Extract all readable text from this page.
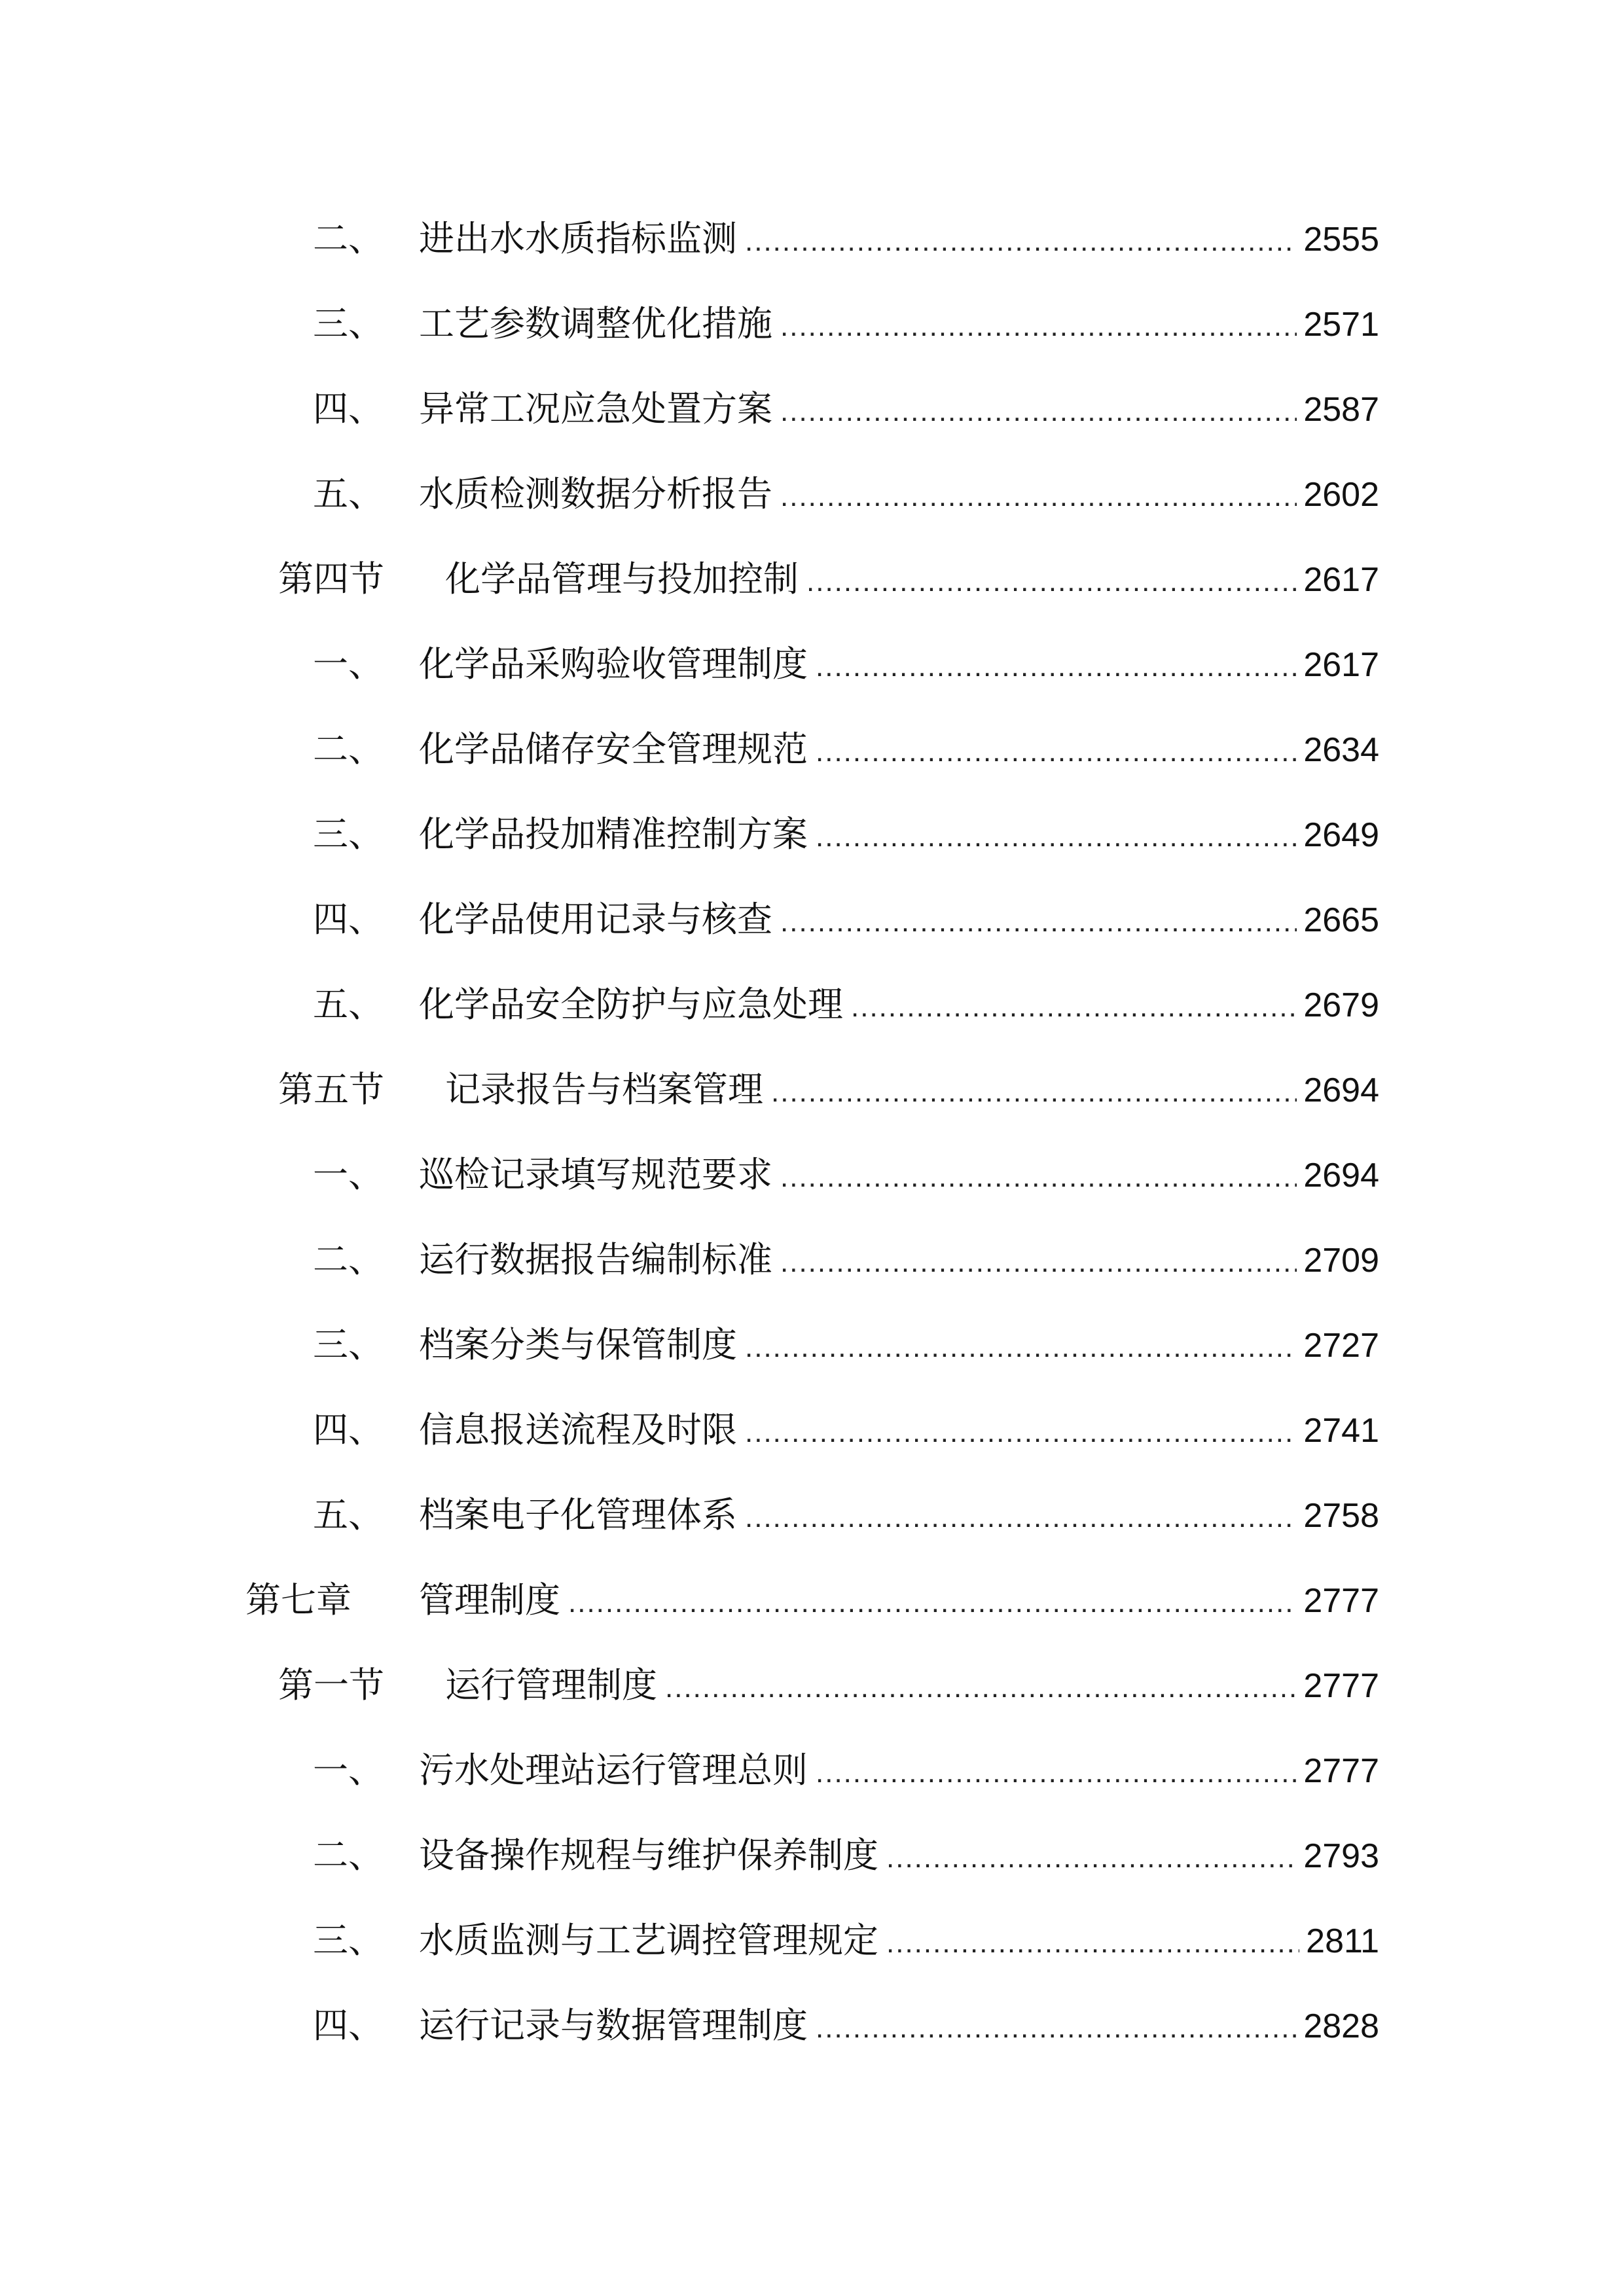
二、 进出水水质指标监测 .....	2555
三、 工艺参数调整优化措施 .....	2571
四、 异常工况应急处置方案 .....	2587
五、 水质检测数据分析报告 .....	2602
第四节 化学品管理与投加控制 .....	2617
一、 化学品采购验收管理制度 .....	2617
二、 化学品储存安全管理规范 .....	2634
三、 化学品投加精准控制方案 .....	2649
四、 化学品使用记录与核查 .....	2665
五、 化学品安全防护与应急处理 .....	2679
第五节 记录报告与档案管理 .....	2694
一、 巡检记录填写规范要求 .....	2694
二、 运行数据报告编制标准 .....	2709
三、 档案分类与保管制度 .....	2727
四、 信息报送流程及时限 .....	2741
五、 档案电子化管理体系 .....	2758
第七章 管理制度 .....	2777
第一节 运行管理制度 .....	2777
一、 污水处理站运行管理总则 .....	2777
二、 设备操作规程与维护保养制度 .....	2793
三、 水质监测与工艺调控管理规定 .....	2811
四、 运行记录与数据管理制度 .....	2828
